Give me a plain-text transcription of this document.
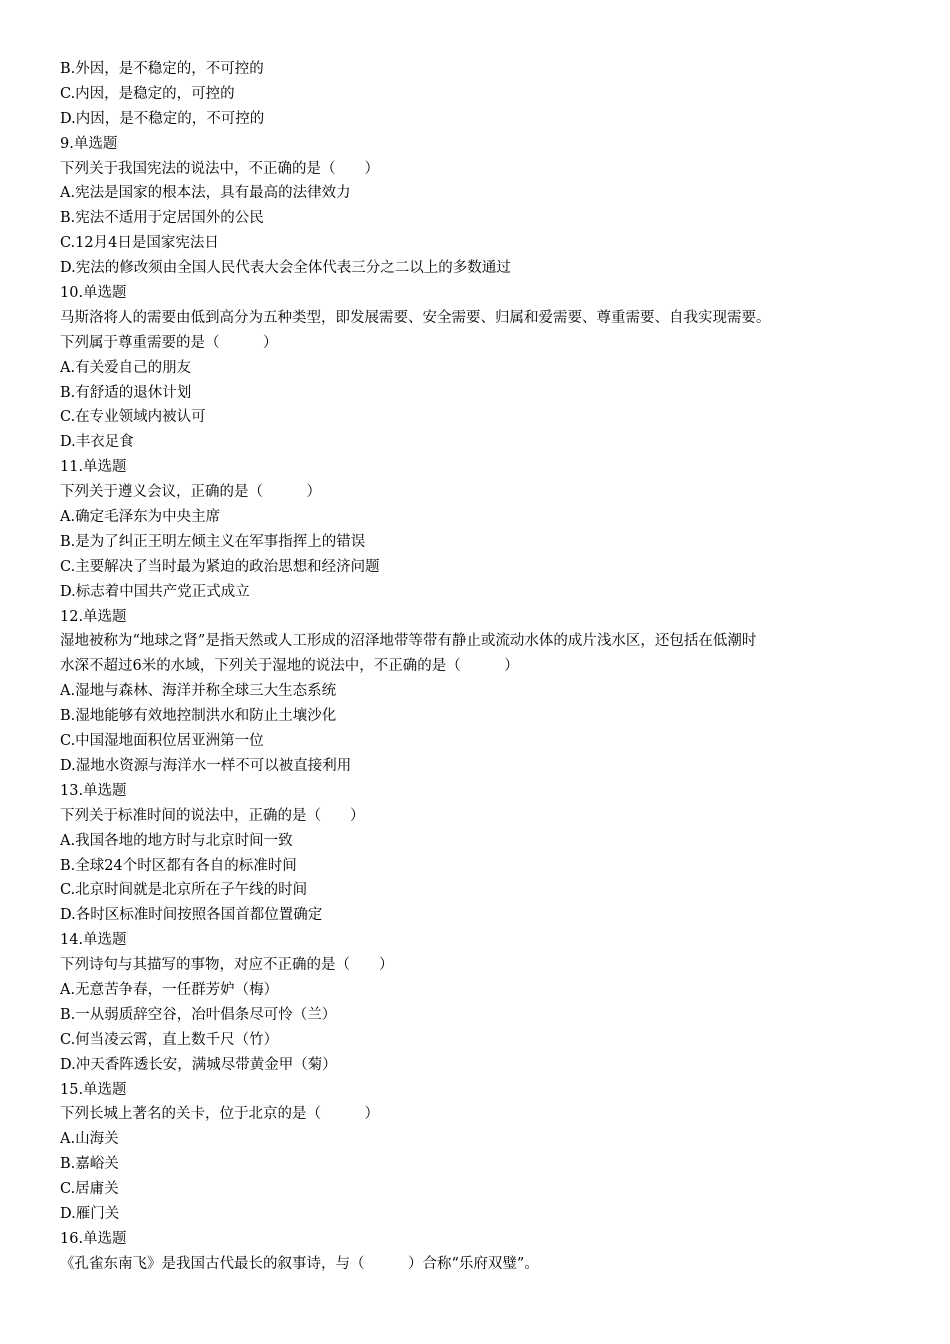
B.外因，是不稳定的，不可控的
C.内因，是稳定的，可控的
D.内因，是不稳定的，不可控的
9.单选题
下列关于我国宪法的说法中，不正确的是（　　）
A.宪法是国家的根本法，具有最高的法律效力
B.宪法不适用于定居国外的公民
C.12月4日是国家宪法日
D.宪法的修改须由全国人民代表大会全体代表三分之二以上的多数通过
10.单选题
马斯洛将人的需要由低到高分为五种类型，即发展需要、安全需要、归属和爱需要、尊重需要、自我实现需要。
下列属于尊重需要的是（　　　）
A.有关爱自己的朋友
B.有舒适的退休计划
C.在专业领域内被认可
D.丰衣足食
11.单选题
下列关于遵义会议，正确的是（　　　）
A.确定毛泽东为中央主席
B.是为了纠正王明左倾主义在军事指挥上的错误
C.主要解决了当时最为紧迫的政治思想和经济问题
D.标志着中国共产党正式成立
12.单选题
湿地被称为“地球之肾”是指天然或人工形成的沼泽地带等带有静止或流动水体的成片浅水区，还包括在低潮时
水深不超过6米的水域，下列关于湿地的说法中，不正确的是（　　　）
A.湿地与森林、海洋并称全球三大生态系统
B.湿地能够有效地控制洪水和防止土壤沙化
C.中国湿地面积位居亚洲第一位
D.湿地水资源与海洋水一样不可以被直接利用
13.单选题
下列关于标准时间的说法中，正确的是（　　）
A.我国各地的地方时与北京时间一致
B.全球24个时区都有各自的标准时间
C.北京时间就是北京所在子午线的时间
D.各时区标准时间按照各国首都位置确定
14.单选题
下列诗句与其描写的事物，对应不正确的是（　　）
A.无意苦争春，一任群芳妒（梅）
B.一从弱质辞空谷，冶叶倡条尽可怜（兰）
C.何当凌云霄，直上数千尺（竹）
D.冲天香阵透长安，满城尽带黄金甲（菊）
15.单选题
下列长城上著名的关卡，位于北京的是（　　　）
A.山海关
B.嘉峪关
C.居庸关
D.雁门关
16.单选题
《孔雀东南飞》是我国古代最长的叙事诗，与（　　　）合称“乐府双璧”。
